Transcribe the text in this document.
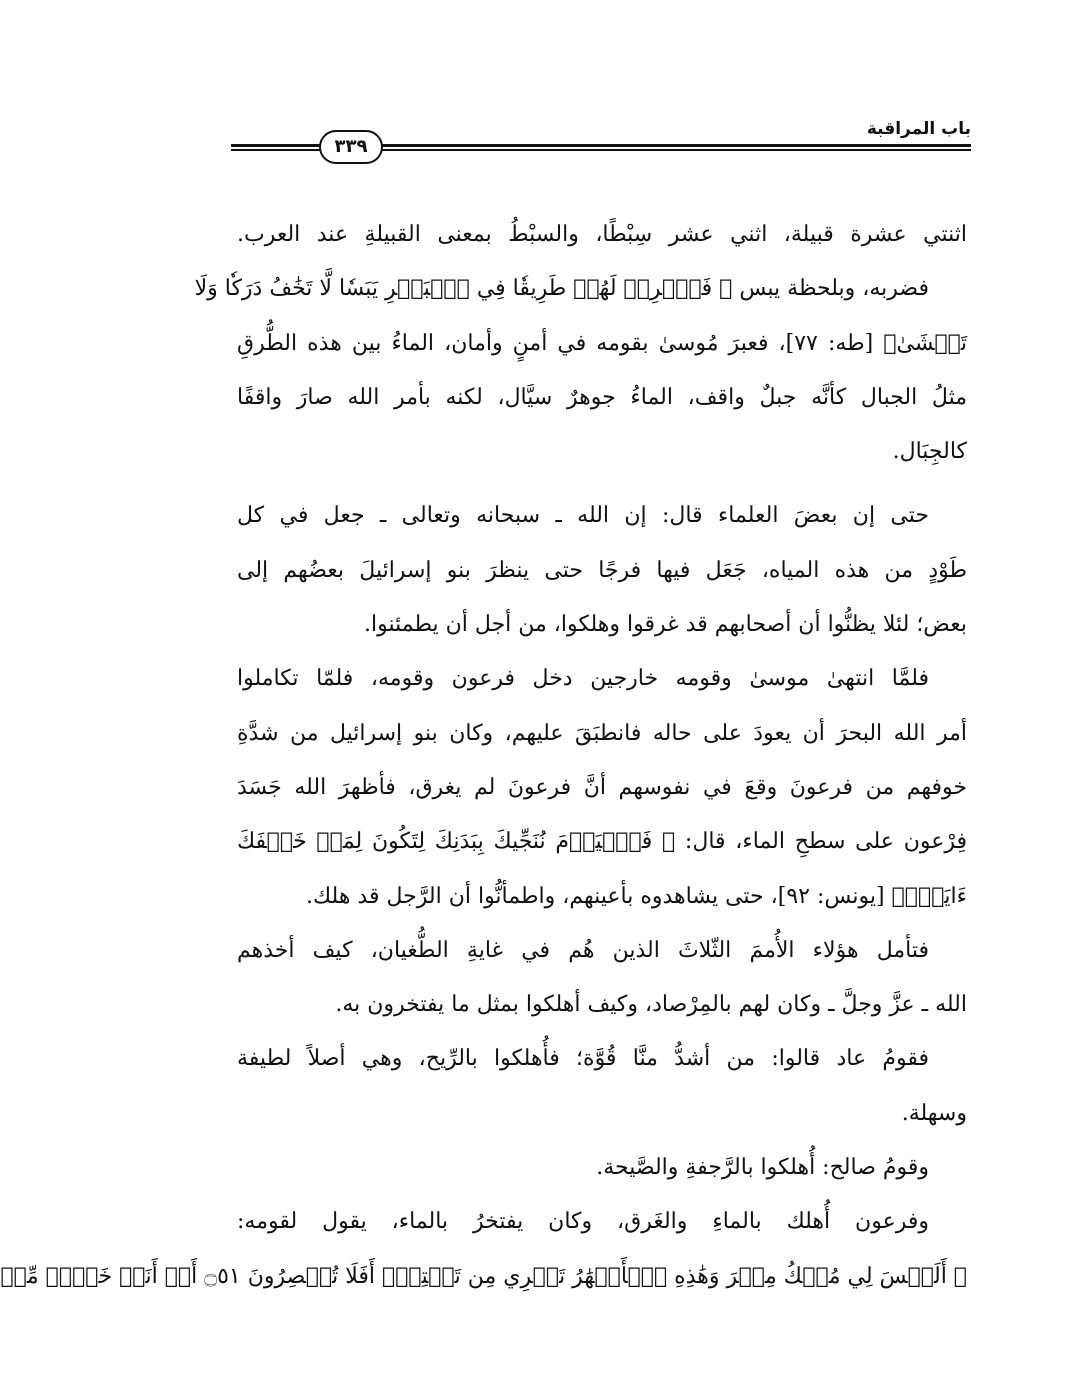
باب المراقبة
٣٣٩
اثنتي عشرة قبيلة، اثني عشر سِبْطًا، والسبْطُ بمعنى القبيلةِ عند العرب.
فضربه، وبلحظة يبس ﴿ فَٱضۡرِبۡ لَهُمۡ طَرِيقٗا فِي ٱلۡبَحۡرِ يَبَسٗا لَّا تَخَٰفُ دَرَكٗا وَلَا
تَخۡشَىٰ﴾ [طه: ٧٧]، فعبرَ مُوسىٰ بقومه في أمنٍ وأمان، الماءُ بين هذه الطُّرقِ
مثلُ الجبال كأنَّه جبلٌ واقف، الماءُ جوهرٌ سيَّال، لكنه بأمر الله صارَ واقفًا
كالجِبَال.
حتى إن بعضَ العلماء قال: إن الله ـ سبحانه وتعالى ـ جعل في كل
طَوْدٍ من هذه المياه، جَعَل فيها فرجًا حتى ينظرَ بنو إسرائيلَ بعضُهم إلى
بعض؛ لئلا يظنُّوا أن أصحابهم قد غرقوا وهلكوا، من أجل أن يطمئنوا.
فلمَّا انتهىٰ موسىٰ وقومه خارجين دخل فرعون وقومه، فلمّا تكاملوا
أمر الله البحرَ أن يعودَ على حاله فانطبَقَ عليهم، وكان بنو إسرائيل من شدَّةِ
خوفهم من فرعونَ وقعَ في نفوسهم أنَّ فرعونَ لم يغرق، فأظهرَ الله جَسَدَ
فِرْعون على سطحِ الماء، قال: ﴿ فَٱلۡيَوۡمَ نُنَجِّيكَ بِبَدَنِكَ لِتَكُونَ لِمَنۡ خَلۡفَكَ
ءَايَةٗۚ﴾ [يونس: ٩٢]، حتى يشاهدوه بأعينهم، واطمأنُّوا أن الرَّجل قد هلك.
فتأمل هؤلاء الأُممَ الثّلاثَ الذين هُم في غايةِ الطُّغيان، كيف أخذهم
الله ـ عزَّ وجلَّ ـ وكان لهم بالمِرْصاد، وكيف أهلكوا بمثل ما يفتخرون به.
فقومُ عاد قالوا: من أشدُّ منَّا قُوَّة؛ فأُهلكوا بالرِّيح، وهي أصلاً لطيفة
وسهلة.
وقومُ صالح: أُهلكوا بالرَّجفةِ والصَّيحة.
وفرعون أُهلك بالماءِ والغَرق، وكان يفتخرُ بالماء، يقول لقومه:
﴿ أَلَيۡسَ لِي مُلۡكُ مِصۡرَ وَهَٰذِهِ ٱلۡأَنۡهَٰرُ تَجۡرِي مِن تَحۡتِيٓۚ أَفَلَا تُبۡصِرُونَ ۝٥١ أَمۡ أَنَا۠ خَيۡرٞ مِّنۡ
